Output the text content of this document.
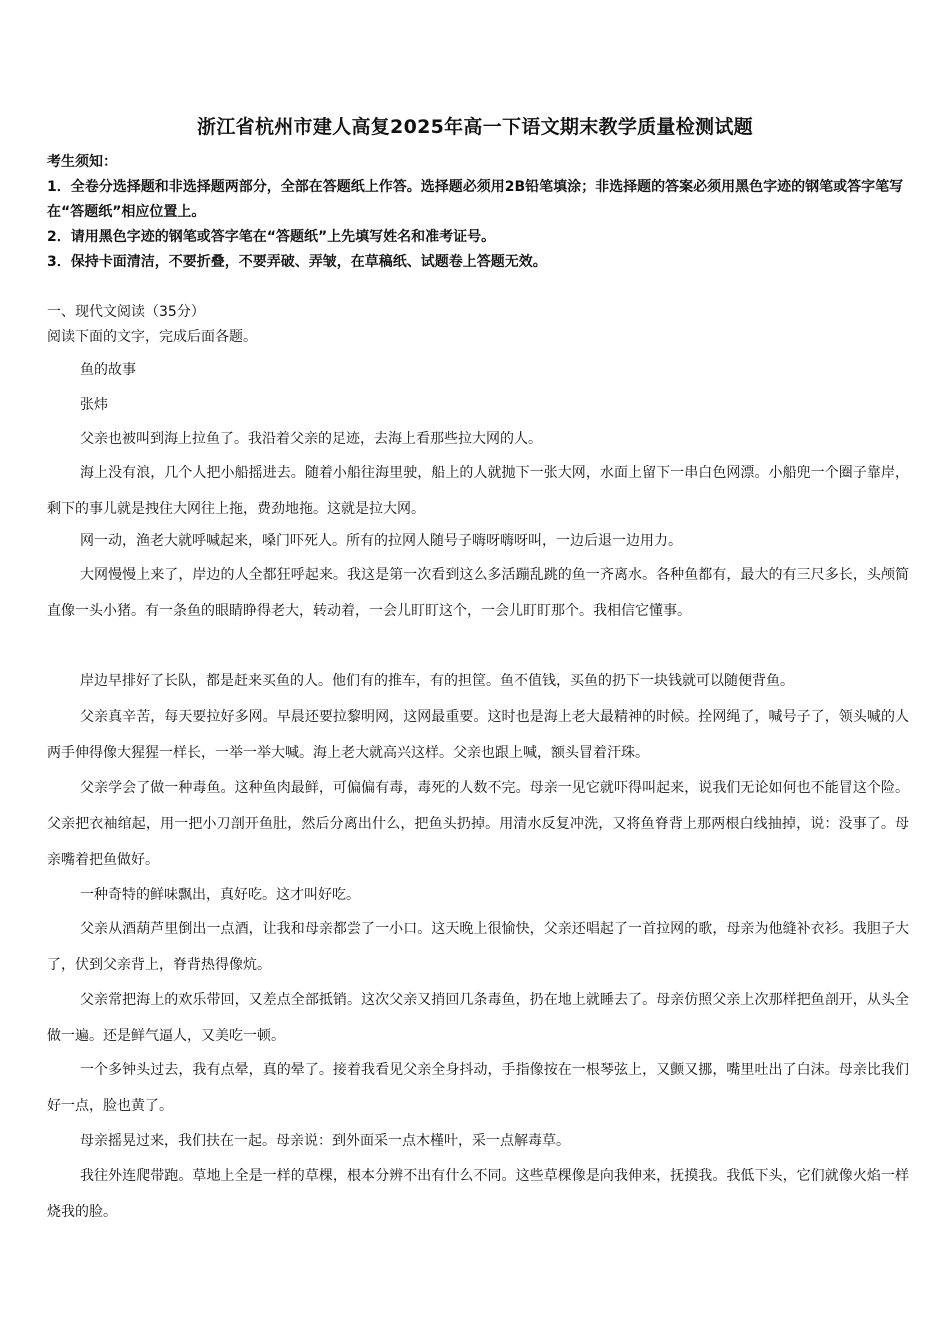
浙江省杭州市建人高复2025年高一下语文期末教学质量检测试题
考生须知：
1．全卷分选择题和非选择题两部分，全部在答题纸上作答。选择题必须用2B铅笔填涂；非选择题的答案必须用黑色字迹的钢笔或答字笔写在“答题纸”相应位置上。
2．请用黑色字迹的钢笔或答字笔在“答题纸”上先填写姓名和准考证号。
3．保持卡面清洁，不要折叠，不要弄破、弄皱，在草稿纸、试题卷上答题无效。
一、现代文阅读（35分）
阅读下面的文字，完成后面各题。
鱼的故事
张炜
父亲也被叫到海上拉鱼了。我沿着父亲的足迹，去海上看那些拉大网的人。
海上没有浪，几个人把小船摇进去。随着小船往海里驶，船上的人就抛下一张大网，水面上留下一串白色网漂。小船兜一个圈子靠岸，剩下的事儿就是拽住大网往上拖，费劲地拖。这就是拉大网。
网一动，渔老大就呼喊起来，嗓门吓死人。所有的拉网人随号子嗨呀嗨呀叫，一边后退一边用力。
大网慢慢上来了，岸边的人全都狂呼起来。我这是第一次看到这么多活蹦乱跳的鱼一齐离水。各种鱼都有，最大的有三尺多长，头颅简直像一头小猪。有一条鱼的眼睛睁得老大，转动着，一会儿盯盯这个，一会儿盯盯那个。我相信它懂事。
岸边早排好了长队，都是赶来买鱼的人。他们有的推车，有的担筐。鱼不值钱，买鱼的扔下一块钱就可以随便背鱼。
父亲真辛苦，每天要拉好多网。早晨还要拉黎明网，这网最重要。这时也是海上老大最精神的时候。拴网绳了，喊号子了，领头喊的人两手伸得像大猩猩一样长，一举一举大喊。海上老大就高兴这样。父亲也跟上喊，额头冒着汗珠。
父亲学会了做一种毒鱼。这种鱼肉最鲜，可偏偏有毒，毒死的人数不完。母亲一见它就吓得叫起来，说我们无论如何也不能冒这个险。父亲把衣袖绾起，用一把小刀剖开鱼肚，然后分离出什么，把鱼头扔掉。用清水反复冲洗，又将鱼脊背上那两根白线抽掉，说：没事了。母亲嘴着把鱼做好。
一种奇特的鲜味飘出，真好吃。这才叫好吃。
父亲从酒葫芦里倒出一点酒，让我和母亲都尝了一小口。这天晚上很愉快，父亲还唱起了一首拉网的歌，母亲为他缝补衣衫。我胆子大了，伏到父亲背上，脊背热得像炕。
父亲常把海上的欢乐带回，又差点全部抵销。这次父亲又捎回几条毒鱼，扔在地上就睡去了。母亲仿照父亲上次那样把鱼剖开，从头全做一遍。还是鲜气逼人，又美吃一顿。
一个多钟头过去，我有点晕，真的晕了。接着我看见父亲全身抖动，手指像按在一根琴弦上，又颤又挪，嘴里吐出了白沫。母亲比我们好一点，脸也黄了。
母亲摇晃过来，我们扶在一起。母亲说：到外面采一点木槿叶，采一点解毒草。
我往外连爬带跑。草地上全是一样的草棵，根本分辨不出有什么不同。这些草棵像是向我伸来，抚摸我。我低下头，它们就像火焰一样烧我的脸。
